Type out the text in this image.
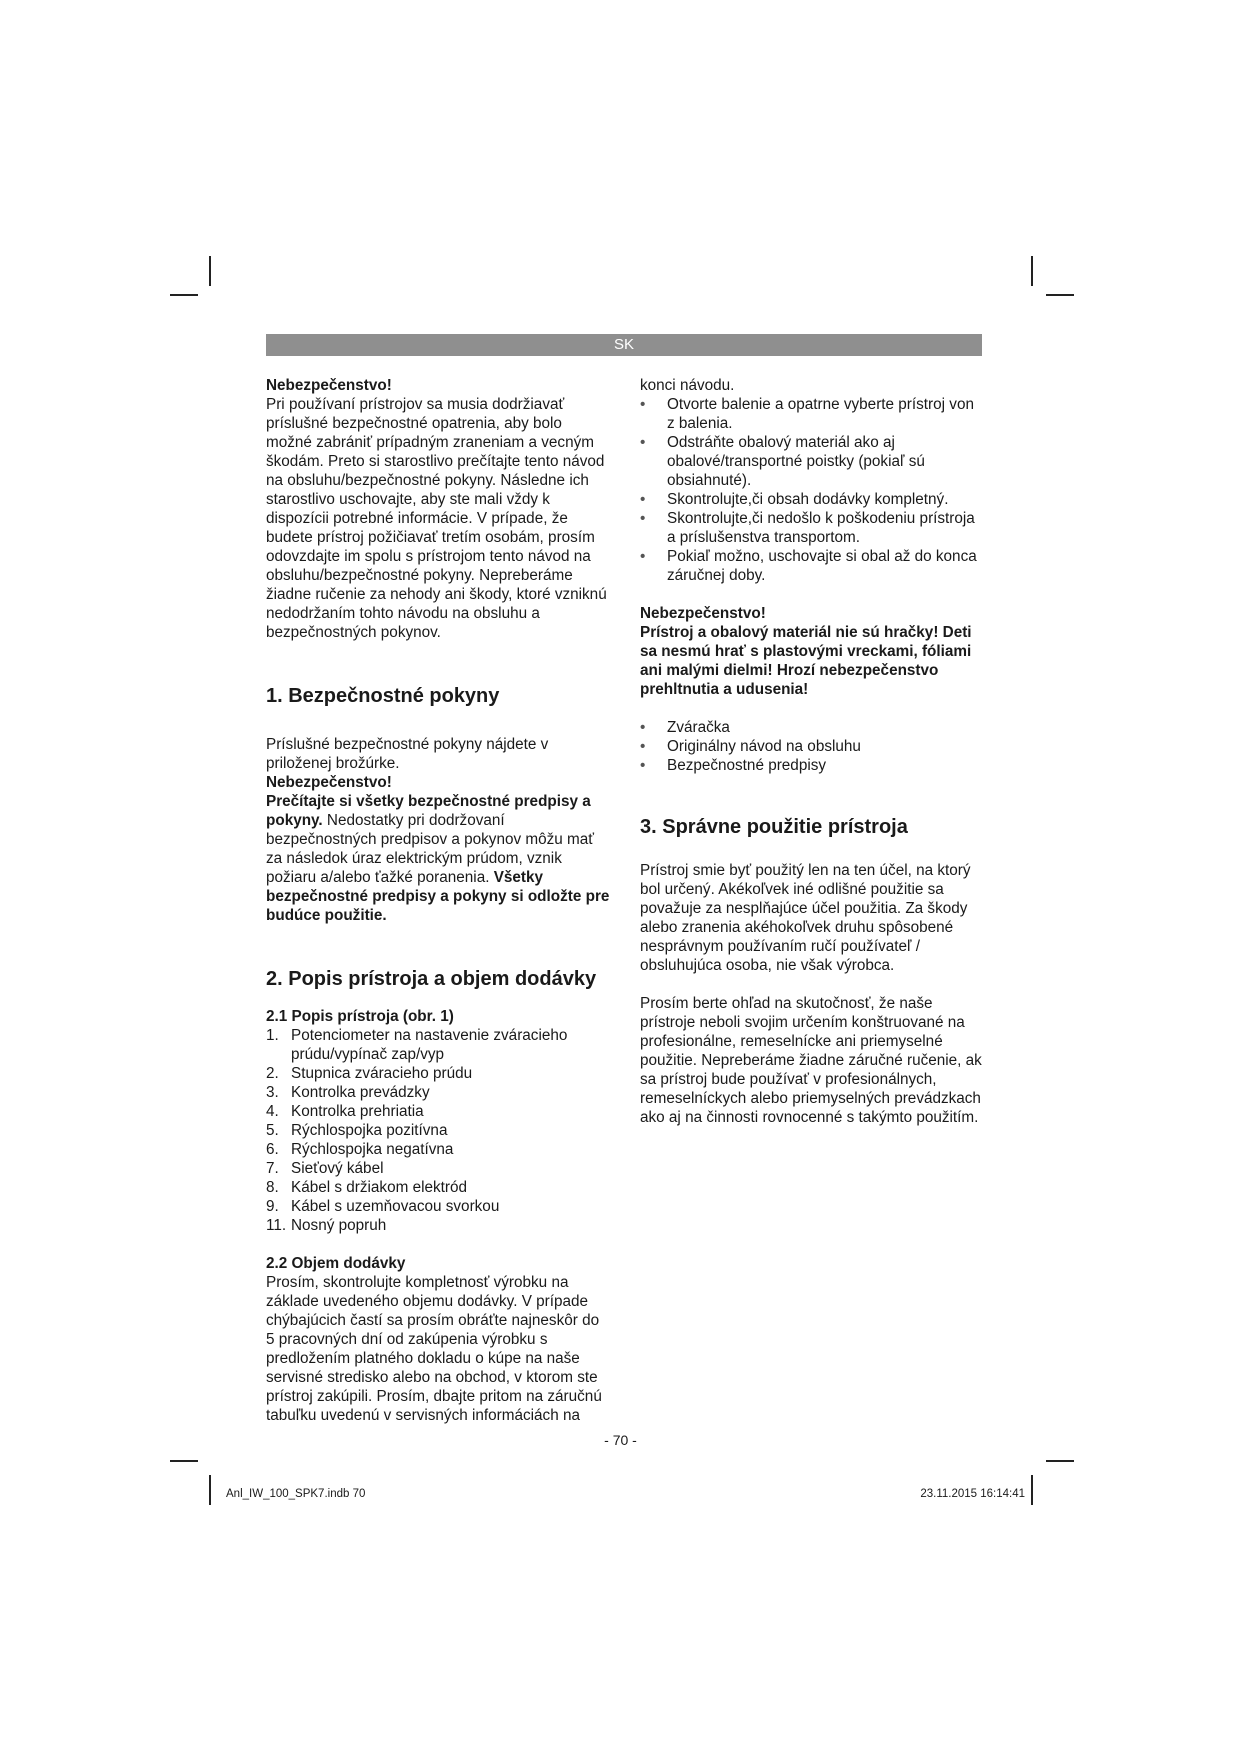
SK

Nebezpečenstvo!

Pri používaní prístrojov sa musia dodržiavať príslušné bezpečnostné opatrenia, aby bolo možné zabrániť prípadným zraneniam a vecným škodám. Preto si starostlivo prečítajte tento návod na obsluhu/bezpečnostné pokyny. Následne ich starostlivo uschovajte, aby ste mali vždy k dispozícii potrebné informácie. V prípade, že budete prístroj požičiavať tretím osobám, prosím odovzdajte im spolu s prístrojom tento návod na obsluhu/bezpečnostné pokyny. Nepreberáme žiadne ručenie za nehody ani škody, ktoré vzniknú nedodržaním tohto návodu na obsluhu a bezpečnostných pokynov.

1. Bezpečnostné pokyny

Príslušné bezpečnostné pokyny nájdete v priloženej brožúrke.

Nebezpečenstvo!

Prečítajte si všetky bezpečnostné predpisy a pokyny. Nedostatky pri dodržovaní bezpečnostných predpisov a pokynov môžu mať za následok úraz elektrickým prúdom, vznik požiaru a/alebo ťažké poranenia. Všetky bezpečnostné predpisy a pokyny si odložte pre budúce použitie.

2. Popis prístroja a objem dodávky
2.1 Popis prístroja (obr. 1)
1. Potenciometer na nastavenie zváracieho prúdu/vypínač zap/vyp
2. Stupnica zváracieho prúdu
3. Kontrolka prevádzky
4. Kontrolka prehriatia
5. Rýchlospojka pozitívna
6. Rýchlospojka negatívna
7. Sieťový kábel
8. Kábel s držiakom elektród
9. Kábel s uzemňovacou svorkou
11. Nosný popruh
2.2 Objem dodávky

Prosím, skontrolujte kompletnosť výrobku na základe uvedeného objemu dodávky. V prípade chýbajúcich častí sa prosím obráťte najneskôr do 5 pracovných dní od zakúpenia výrobku s predložením platného dokladu o kúpe na naše servisné stredisko alebo na obchod, v ktorom ste prístroj zakúpili. Prosím, dbajte pritom na záručnú tabuľku uvedenú v servisných informáciách na

konci návodu.

• Otvorte balenie a opatrne vyberte prístroj von z balenia.
• Odstráňte obalový materiál ako aj obalové/transportné poistky (pokiaľ sú obsiahnuté).
• Skontrolujte,či obsah dodávky kompletný.
• Skontrolujte,či nedošlo k poškodeniu prístroja a príslušenstva transportom.
• Pokiaľ možno, uschovajte si obal až do konca záručnej doby.

Nebezpečenstvo!

Prístroj a obalový materiál nie sú hračky! Deti sa nesmú hrať s plastovými vreckami, fóliami ani malými dielmi! Hrozí nebezpečenstvo prehltnutia a udusenia!

• Zváračka
• Originálny návod na obsluhu
• Bezpečnostné predpisy
3. Správne použitie prístroja

Prístroj smie byť použitý len na ten účel, na ktorý bol určený. Akékoľvek iné odlišné použitie sa považuje za nesplňajúce účel použitia. Za škody alebo zranenia akéhokoľvek druhu spôsobené nesprávnym používaním ručí používateľ / obsluhujúca osoba, nie však výrobca.

Prosím berte ohľad na skutočnosť, že naše prístroje neboli svojim určením konštruované na profesionálne, remeselnícke ani priemyselné použitie. Nepreberáme žiadne záručné ručenie, ak sa prístroj bude používať v profesionálnych, remeselníckych alebo priemyselných prevádzkach ako aj na činnosti rovnocenné s takýmto použitím.

- 70 -
Anl_IW_100_SPK7.indb 70	23.11.2015 16:14:41
